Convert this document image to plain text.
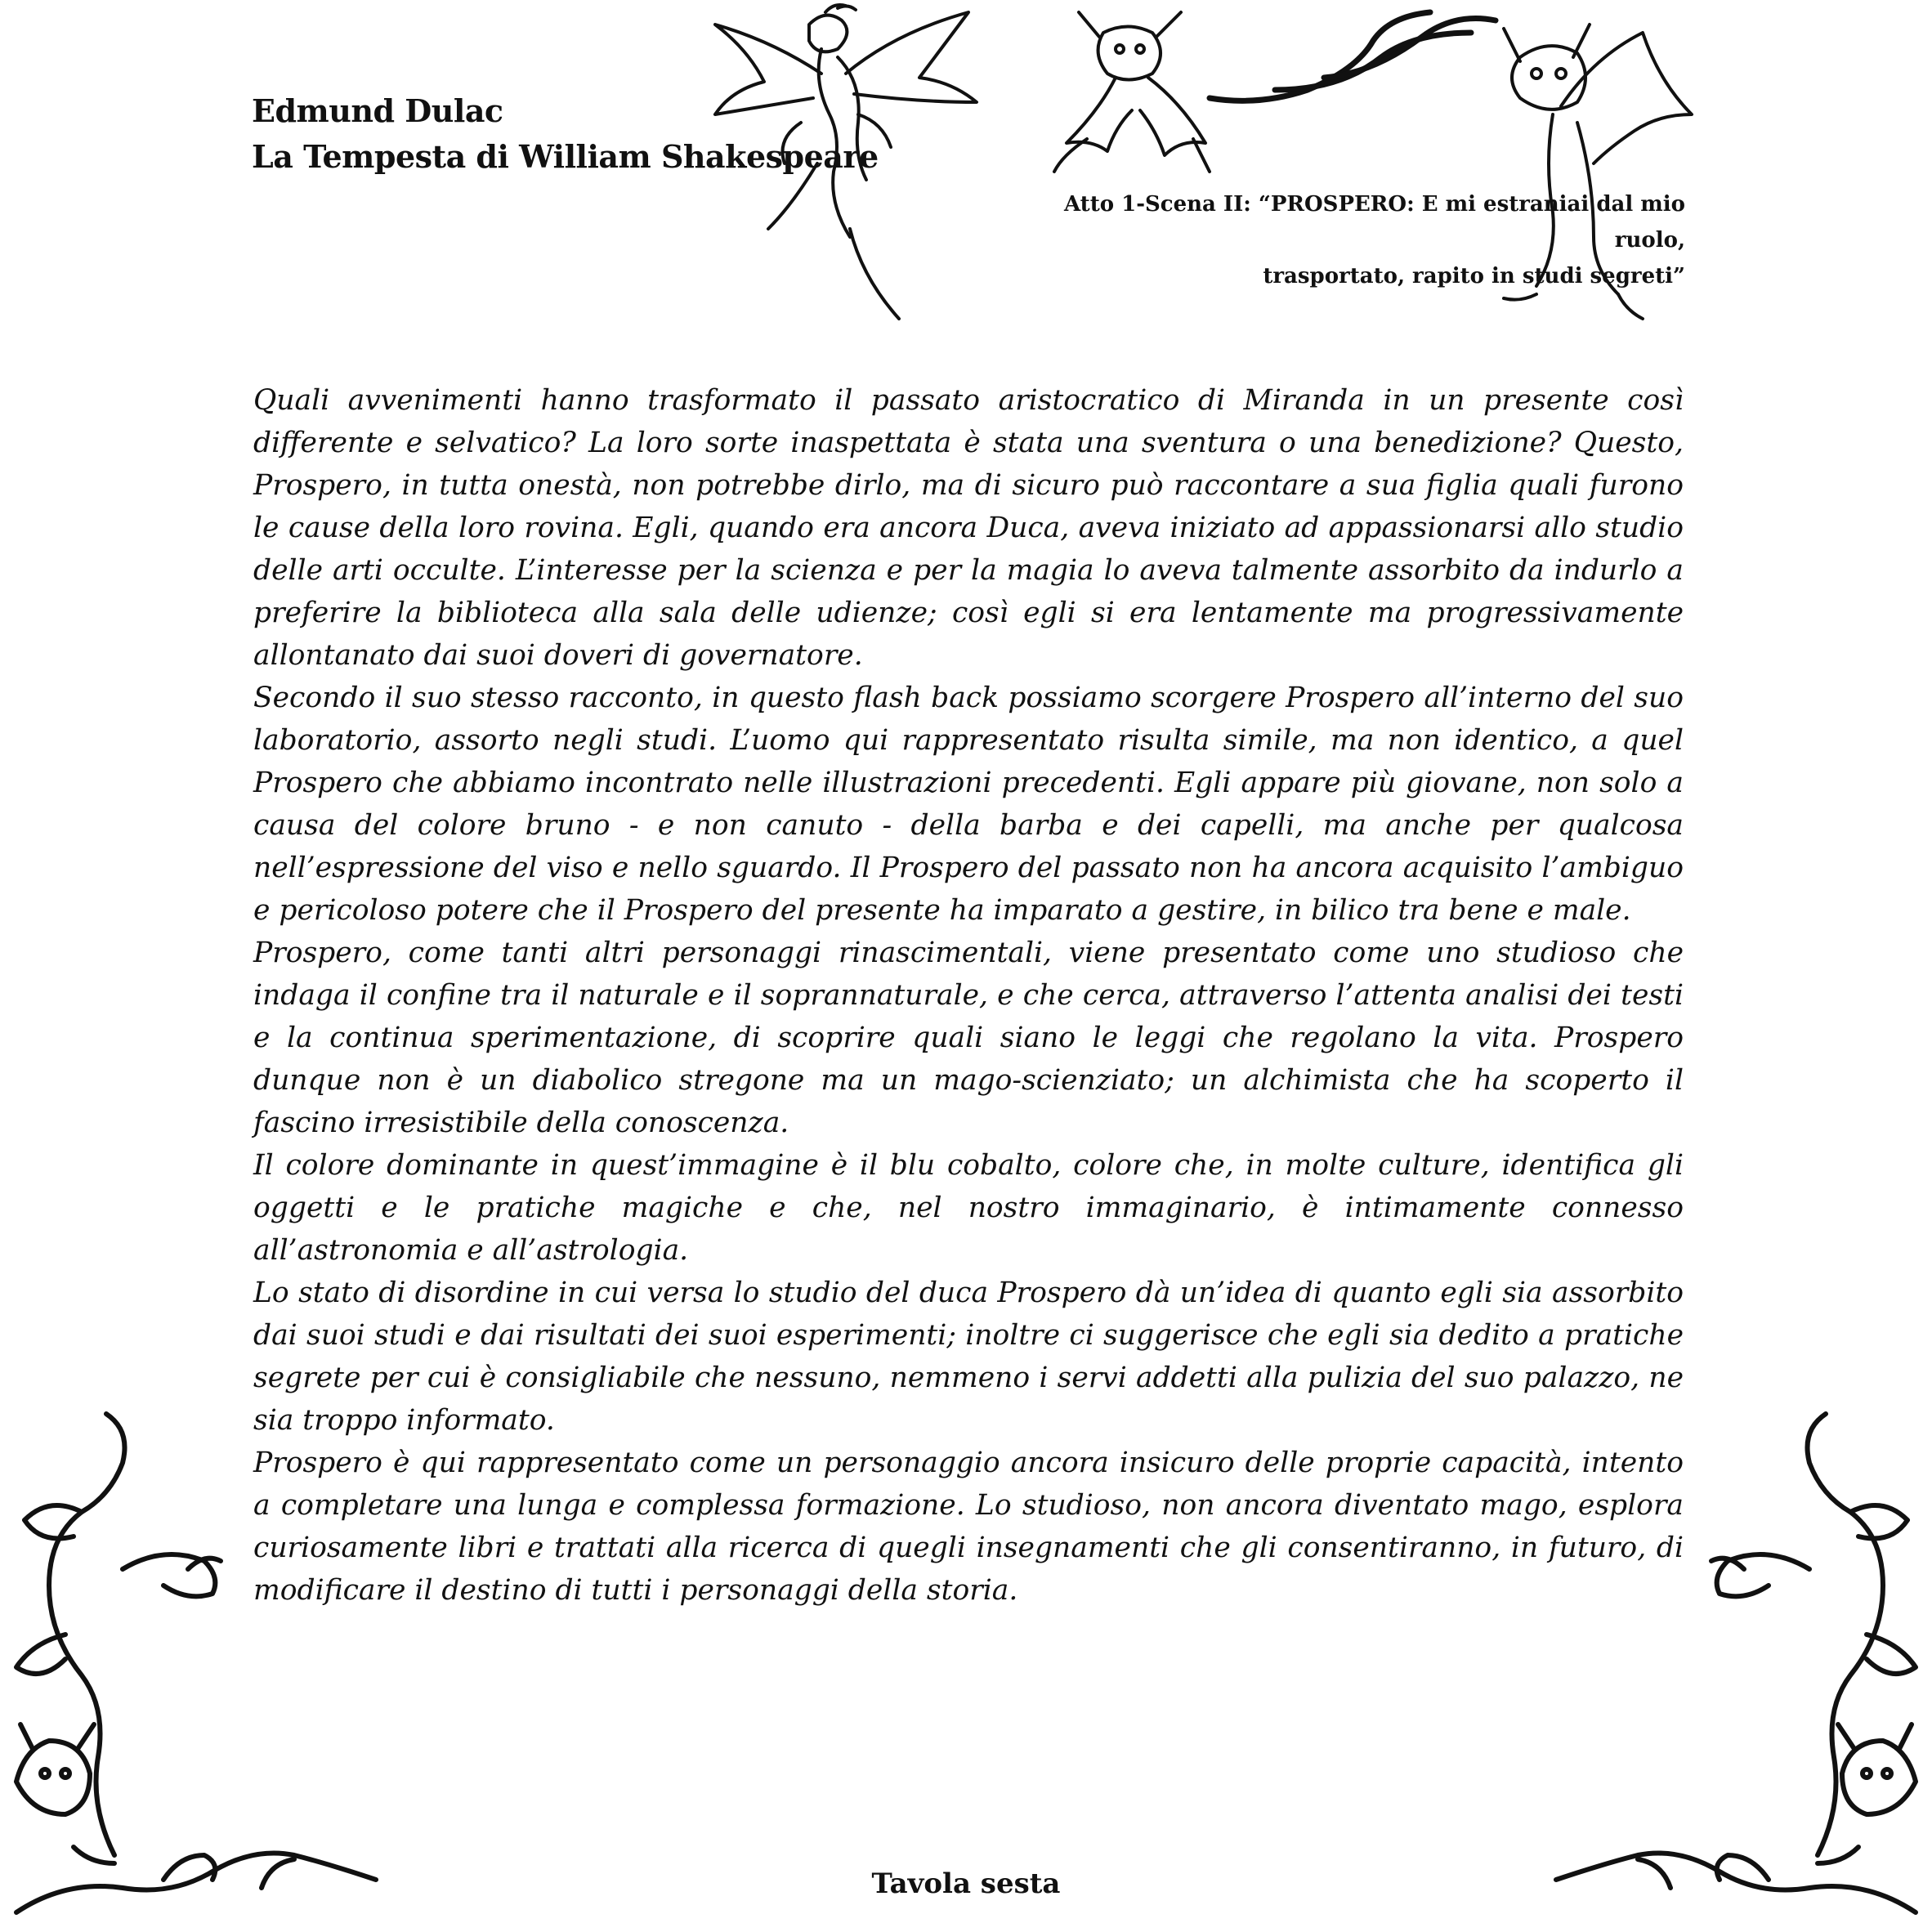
Edmund Dulac
La Tempesta di William Shakespeare
Atto 1-Scena II: “PROSPERO: E mi estraniai dal mio ruolo,
trasportato, rapito in studi segreti”

Quali avvenimenti hanno trasformato il passato aristocratico di Miranda in un presente così differente e selvatico? La loro sorte inaspettata è stata una sventura o una benedizione? Questo, Prospero, in tutta onestà, non potrebbe dirlo, ma di sicuro può raccontare a sua figlia quali furono le cause della loro rovina. Egli, quando era ancora Duca, aveva iniziato ad appassionarsi allo studio delle arti occulte. L’interesse per la scienza e per la magia lo aveva talmente assorbito da indurlo a preferire la biblioteca alla sala delle udienze; così egli si era lentamente ma progressivamente allontanato dai suoi doveri di governatore.

Secondo il suo stesso racconto, in questo flash back possiamo scorgere Prospero all’interno del suo laboratorio, assorto negli studi. L’uomo qui rappresentato risulta simile, ma non identico, a quel Prospero che abbiamo incontrato nelle illustrazioni precedenti. Egli appare più giovane, non solo a causa del colore bruno - e non canuto - della barba e dei capelli, ma anche per qualcosa nell’espressione del viso e nello sguardo. Il Prospero del passato non ha ancora acquisito l’ambiguo e pericoloso potere che il Prospero del presente ha imparato a gestire, in bilico tra bene e male.

Prospero, come tanti altri personaggi rinascimentali, viene presentato come uno studioso che indaga il confine tra il naturale e il soprannaturale, e che cerca, attraverso l’attenta analisi dei testi e la continua sperimentazione, di scoprire quali siano le leggi che regolano la vita. Prospero dunque non è un diabolico stregone ma un mago-scienziato; un alchimista che ha scoperto il fascino irresistibile della conoscenza.

Il colore dominante in quest’immagine è il blu cobalto, colore che, in molte culture, identifica gli oggetti e le pratiche magiche e che, nel nostro immaginario, è intimamente connesso all’astronomia e all’astrologia.

Lo stato di disordine in cui versa lo studio del duca Prospero dà un’idea di quanto egli sia assorbito dai suoi studi e dai risultati dei suoi esperimenti; inoltre ci suggerisce che egli sia dedito a pratiche segrete per cui è consigliabile che nessuno, nemmeno i servi addetti alla pulizia del suo palazzo, ne sia troppo informato.

Prospero è qui rappresentato come un personaggio ancora insicuro delle proprie capacità, intento a completare una lunga e complessa formazione. Lo studioso, non ancora diventato mago, esplora curiosamente libri e trattati alla ricerca di quegli insegnamenti che gli consentiranno, in futuro, di modificare il destino di tutti i personaggi della storia.

Tavola sesta
